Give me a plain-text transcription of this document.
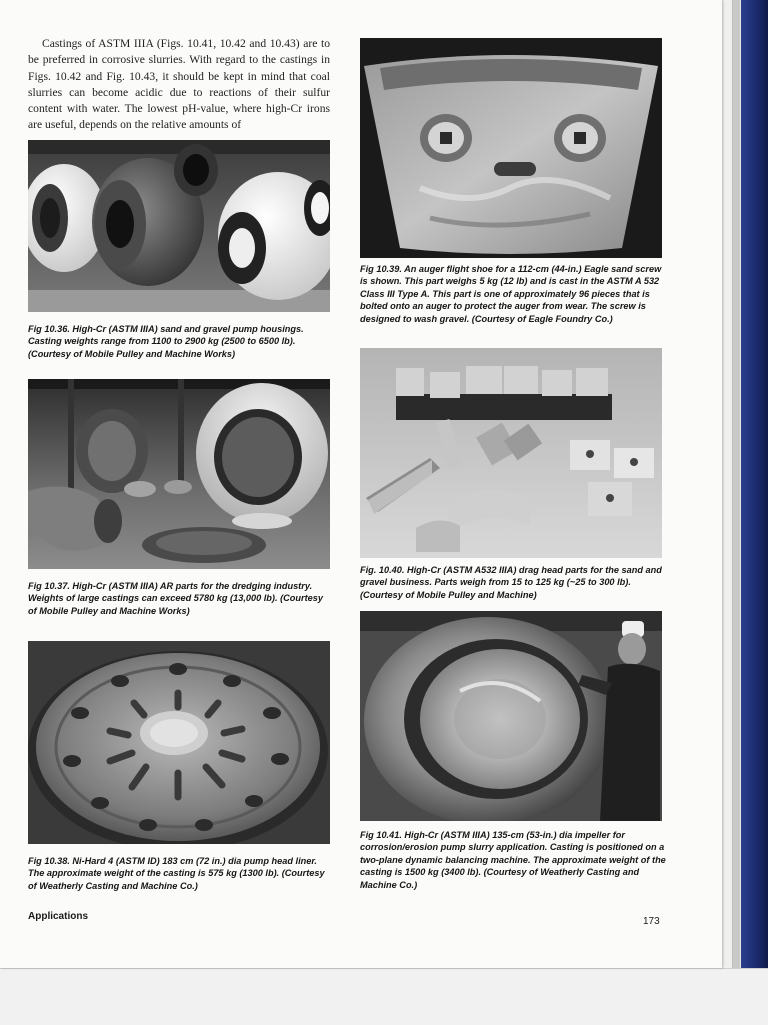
Castings of ASTM IIIA (Figs. 10.41, 10.42 and 10.43) are to be preferred in corrosive slurries. With regard to the castings in Figs. 10.42 and Fig. 10.43, it should be kept in mind that coal slurries can become acidic due to reactions of their sulfur content with water. The lowest pH-value, where high-Cr irons are useful, depends on the relative amounts of

Fig 10.36. High-Cr (ASTM IIIA) sand and gravel pump housings. Casting weights range from 1100 to 2900 kg (2500 to 6500 lb). (Courtesy of Mobile Pulley and Machine Works)

Fig 10.37. High-Cr (ASTM IIIA) AR parts for the dredging industry. Weights of large castings can exceed 5780 kg (13,000 lb). (Courtesy of Mobile Pulley and Machine Works)

Fig 10.38. Ni-Hard 4 (ASTM ID) 183 cm (72 in.) dia pump head liner. The approximate weight of the casting is 575 kg (1300 lb). (Courtesy of Weatherly Casting and Machine Co.)

Fig 10.39. An auger flight shoe for a 112-cm (44-in.) Eagle sand screw is shown. This part weighs 5 kg (12 lb) and is cast in the ASTM A 532 Class III Type A. This part is one of approximately 96 pieces that is bolted onto an auger to protect the auger from wear. The screw is designed to wash gravel. (Courtesy of Eagle Foundry Co.)

Fig. 10.40. High-Cr (ASTM A532 IIIA) drag head parts for the sand and gravel business. Parts weigh from 15 to 125 kg (~25 to 300 lb). (Courtesy of Mobile Pulley and Machine)

Fig 10.41. High-Cr (ASTM IIIA) 135-cm (53-in.) dia impeller for corrosion/erosion pump slurry application. Casting is positioned on a two-plane dynamic balancing machine. The approximate weight of the casting is 1500 kg (3400 lb). (Courtesy of Weatherly Casting and Machine Co.)

Applications	173
